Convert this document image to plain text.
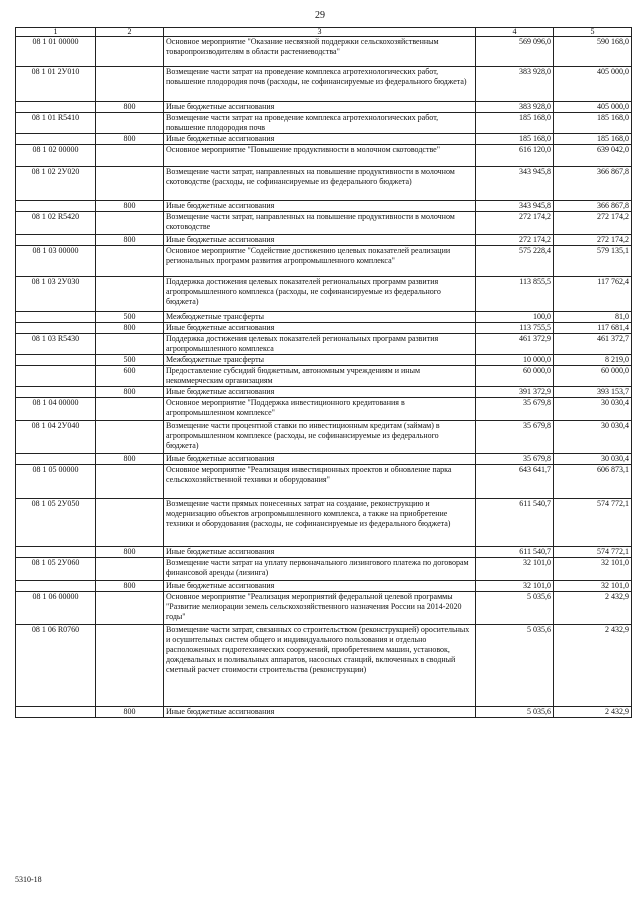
29
1	2	3	4	5
08 1 01 00000		Основное мероприятие "Оказание несвязной поддержки сельскохозяйственным товаропроизводителям в области растениеводства"	569 096,0	590 168,0
08 1 01 2У010		Возмещение части затрат на проведение комплекса агротехнологических работ, повышение плодородия почв (расходы, не софинансируемые из федерального бюджета)	383 928,0	405 000,0
	800	Иные бюджетные ассигнования	383 928,0	405 000,0
08 1 01 R5410		Возмещение части затрат на проведение комплекса агротехнологических работ, повышение плодородия почв	185 168,0	185 168,0
	800	Иные бюджетные ассигнования	185 168,0	185 168,0
08 1 02 00000		Основное мероприятие "Повышение продуктивности в молочном скотоводстве"	616 120,0	639 042,0
08 1 02 2У020		Возмещение части затрат, направленных на повышение продуктивности в молочном скотоводстве (расходы, не софинансируемые из федерального бюджета)	343 945,8	366 867,8
	800	Иные бюджетные ассигнования	343 945,8	366 867,8
08 1 02 R5420		Возмещение части затрат, направленных на повышение продуктивности в молочном скотоводстве	272 174,2	272 174,2
	800	Иные бюджетные ассигнования	272 174,2	272 174,2
08 1 03 00000		Основное мероприятие "Содействие достижению целевых показателей реализации региональных программ развития агропромышленного комплекса"	575 228,4	579 135,1
08 1 03 2У030		Поддержка достижения целевых показателей региональных программ развития агропромышленного комплекса (расходы, не софинансируемые из федерального бюджета)	113 855,5	117 762,4
	500	Межбюджетные трансферты	100,0	81,0
	800	Иные бюджетные ассигнования	113 755,5	117 681,4
08 1 03 R5430		Поддержка достижения целевых показателей региональных программ развития агропромышленного комплекса	461 372,9	461 372,7
	500	Межбюджетные трансферты	10 000,0	8 219,0
	600	Предоставление субсидий бюджетным, автономным учреждениям и иным некоммерческим организациям	60 000,0	60 000,0
	800	Иные бюджетные ассигнования	391 372,9	393 153,7
08 1 04 00000		Основное мероприятие "Поддержка инвестиционного кредитования в агропромышленном комплексе"	35 679,8	30 030,4
08 1 04 2У040		Возмещение части процентной ставки по инвестиционным кредитам (займам) в агропромышленном комплексе (расходы, не софинансируемые из федерального бюджета)	35 679,8	30 030,4
	800	Иные бюджетные ассигнования	35 679,8	30 030,4
08 1 05 00000		Основное мероприятие "Реализация инвестиционных проектов и обновление парка сельскохозяйственной техники и оборудования"	643 641,7	606 873,1
08 1 05 2У050		Возмещение части прямых понесенных затрат на создание, реконструкцию и модернизацию объектов агропромышленного комплекса, а также на приобретение техники и оборудования (расходы, не софинансируемые из федерального бюджета)	611 540,7	574 772,1
	800	Иные бюджетные ассигнования	611 540,7	574 772,1
08 1 05 2У060		Возмещение части затрат на уплату первоначального лизингового платежа по договорам финансовой аренды (лизинга)	32 101,0	32 101,0
	800	Иные бюджетные ассигнования	32 101,0	32 101,0
08 1 06 00000		Основное мероприятие "Реализация мероприятий федеральной целевой программы "Развитие мелиорации земель сельскохозяйственного назначения России на 2014-2020 годы"	5 035,6	2 432,9
08 1 06 R0760		Возмещение части затрат, связанных со строительством (реконструкцией) оросительных и осушительных систем общего и индивидуального пользования и отдельно расположенных гидротехнических сооружений, приобретением машин, установок, дождевальных и поливальных аппаратов, насосных станций, включенных в сводный сметный расчет стоимости строительства (реконструкции)	5 035,6	2 432,9
	800	Иные бюджетные ассигнования	5 035,6	2 432,9
5310-18
